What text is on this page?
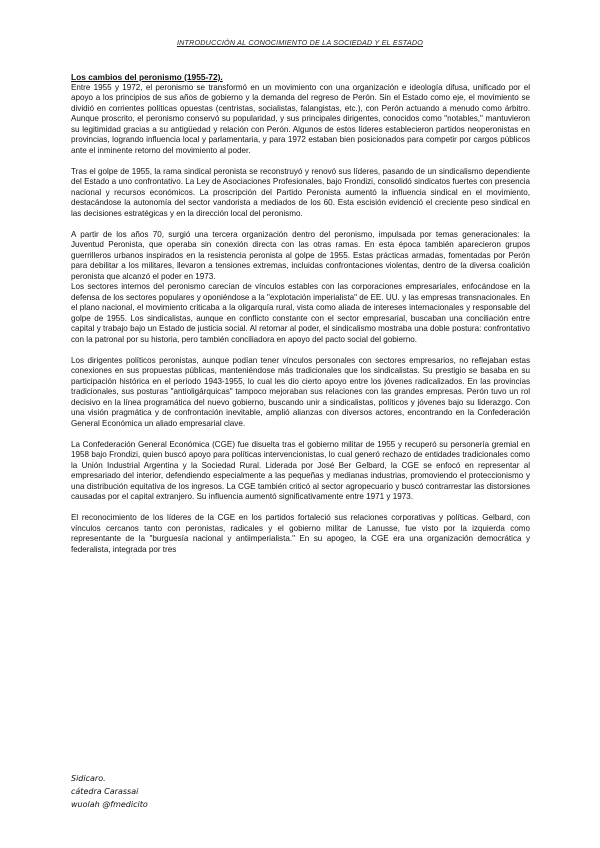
INTRODUCCIÓN AL CONOCIMIENTO DE LA SOCIEDAD Y EL ESTADO

Los cambios del peronismo (1955-72).
Entre 1955 y 1972, el peronismo se transformó en un movimiento con una organización e ideología difusa, unificado por el apoyo a los principios de sus años de gobierno y la demanda del regreso de Perón. Sin el Estado como eje, el movimiento se dividió en corrientes políticas opuestas (centristas, socialistas, falangistas, etc.), con Perón actuando a menudo como árbitro. Aunque proscrito, el peronismo conservó su popularidad, y sus principales dirigentes, conocidos como "notables," mantuvieron su legitimidad gracias a su antigüedad y relación con Perón. Algunos de estos líderes establecieron partidos neoperonistas en provincias, logrando influencia local y parlamentaria, y para 1972 estaban bien posicionados para competir por cargos públicos ante el inminente retorno del movimiento al poder.

Tras el golpe de 1955, la rama sindical peronista se reconstruyó y renovó sus líderes, pasando de un sindicalismo dependiente del Estado a uno confrontativo. La Ley de Asociaciones Profesionales, bajo Frondizi, consolidó sindicatos fuertes con presencia nacional y recursos económicos. La proscripción del Partido Peronista aumentó la influencia sindical en el movimiento, destacándose la autonomía del sector vandorista a mediados de los 60. Esta escisión evidenció el creciente peso sindical en las decisiones estratégicas y en la dirección local del peronismo.

A partir de los años 70, surgió una tercera organización dentro del peronismo, impulsada por temas generacionales: la Juventud Peronista, que operaba sin conexión directa con las otras ramas. En esta época también aparecieron grupos guerrilleros urbanos inspirados en la resistencia peronista al golpe de 1955. Estas prácticas armadas, fomentadas por Perón para debilitar a los militares, llevaron a tensiones extremas, incluidas confrontaciones violentas, dentro de la diversa coalición peronista que alcanzó el poder en 1973.

Los sectores internos del peronismo carecían de vínculos estables con las corporaciones empresariales, enfocándose en la defensa de los sectores populares y oponiéndose a la "explotación imperialista" de EE. UU. y las empresas transnacionales. En el plano nacional, el movimiento criticaba a la oligarquía rural, vista como aliada de intereses internacionales y responsable del golpe de 1955. Los sindicalistas, aunque en conflicto constante con el sector empresarial, buscaban una conciliación entre capital y trabajo bajo un Estado de justicia social. Al retornar al poder, el sindicalismo mostraba una doble postura: confrontativo con la patronal por su historia, pero también conciliadora en apoyo del pacto social del gobierno.

Los dirigentes políticos peronistas, aunque podían tener vínculos personales con sectores empresarios, no reflejaban estas conexiones en sus propuestas públicas, manteniéndose más tradicionales que los sindicalistas. Su prestigio se basaba en su participación histórica en el período 1943-1955, lo cual les dio cierto apoyo entre los jóvenes radicalizados. En las provincias tradicionales, sus posturas "antioligárquicas" tampoco mejoraban sus relaciones con las grandes empresas. Perón tuvo un rol decisivo en la línea programática del nuevo gobierno, buscando unir a sindicalistas, políticos y jóvenes bajo su liderazgo. Con una visión pragmática y de confrontación inevitable, amplió alianzas con diversos actores, encontrando en la Confederación General Económica un aliado empresarial clave.

La Confederación General Económica (CGE) fue disuelta tras el gobierno militar de 1955 y recuperó su personería gremial en 1958 bajo Frondizi, quien buscó apoyo para políticas intervencionistas, lo cual generó rechazo de entidades tradicionales como la Unión Industrial Argentina y la Sociedad Rural. Liderada por José Ber Gelbard, la CGE se enfocó en representar al empresariado del interior, defendiendo especialmente a las pequeñas y medianas industrias, promoviendo el proteccionismo y una distribución equitativa de los ingresos. La CGE también criticó al sector agropecuario y buscó contrarrestar las distorsiones causadas por el capital extranjero. Su influencia aumentó significativamente entre 1971 y 1973.

El reconocimiento de los líderes de la CGE en los partidos fortaleció sus relaciones corporativas y políticas. Gelbard, con vínculos cercanos tanto con peronistas, radicales y el gobierno militar de Lanusse, fue visto por la izquierda como representante de la "burguesía nacional y antiimperialista." En su apogeo, la CGE era una organización democrática y federalista, integrada por tres

Sidicaro.
cátedra Carassai
wuolah @fmedicito
